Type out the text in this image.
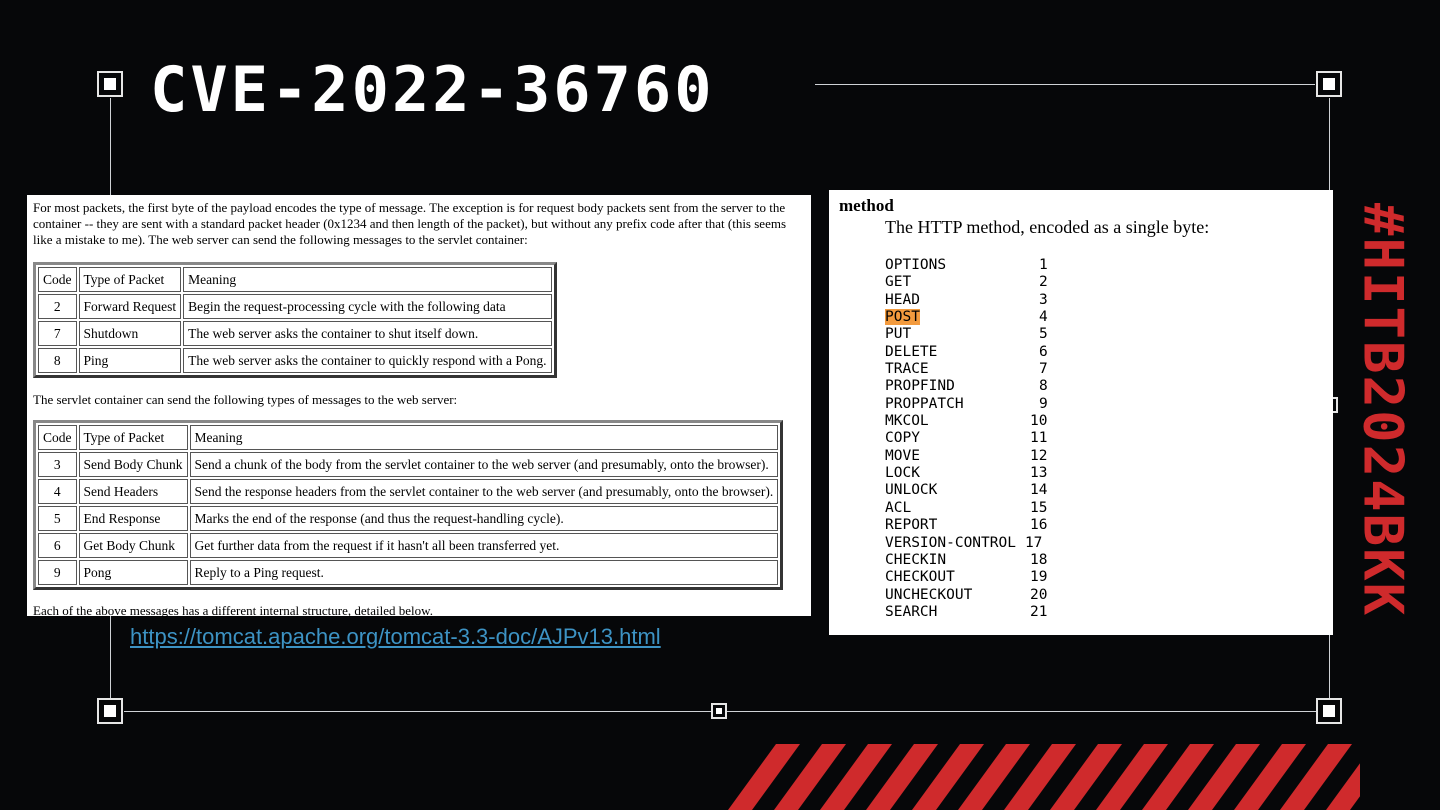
CVE-2022-36760
#HITB2024BKK

For most packets, the first byte of the payload encodes the type of message. The exception is for request body packets sent from the server to the container -- they are sent with a standard packet header (0x1234 and then length of the packet), but without any prefix code after that (this seems like a mistake to me). The web server can send the following messages to the servlet container:

Code	Type of Packet	Meaning
2	Forward Request	Begin the request-processing cycle with the following data
7	Shutdown	The web server asks the container to shut itself down.
8	Ping	The web server asks the container to quickly respond with a Pong.

The servlet container can send the following types of messages to the web server:

Code	Type of Packet	Meaning
3	Send Body Chunk	Send a chunk of the body from the servlet container to the web server (and presumably, onto the browser).
4	Send Headers	Send the response headers from the servlet container to the web server (and presumably, onto the browser).
5	End Response	Marks the end of the response (and thus the request-handling cycle).
6	Get Body Chunk	Get further data from the request if it hasn't all been transferred yet.
9	Pong	Reply to a Ping request.

Each of the above messages has a different internal structure, detailed below.

https://tomcat.apache.org/tomcat-3.3-doc/AJPv13.html
method
The HTTP method, encoded as a single byte:
OPTIONS	1
GET	2
HEAD	3
POST	4
PUT	5
DELETE	6
TRACE	7
PROPFIND	8
PROPPATCH	9
MKCOL	10
COPY	11
MOVE	12
LOCK	13
UNLOCK	14
ACL	15
REPORT	16
VERSION-CONTROL 17
CHECKIN	18
CHECKOUT	19
UNCHECKOUT	20
SEARCH	21
